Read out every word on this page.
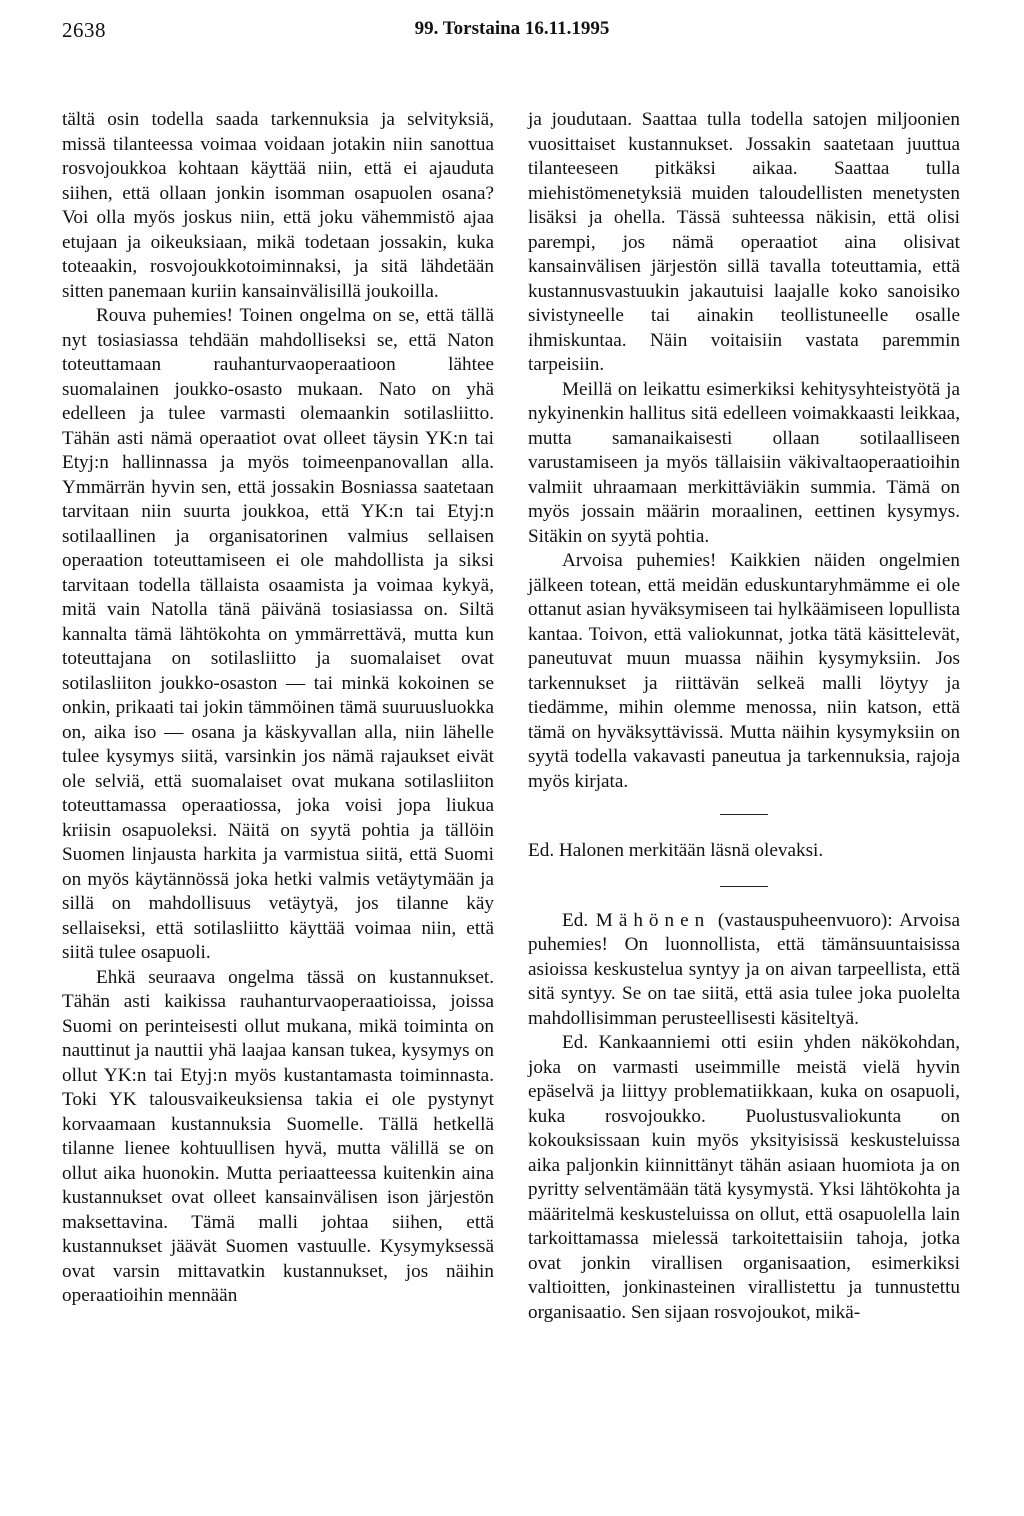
2638	99. Torstaina 16.11.1995

tältä osin todella saada tarkennuksia ja selvityksiä, missä tilanteessa voimaa voidaan jotakin niin sanottua rosvojoukkoa kohtaan käyttää niin, että ei ajauduta siihen, että ollaan jonkin isomman osapuolen osana? Voi olla myös joskus niin, että joku vähemmistö ajaa etujaan ja oikeuksiaan, mikä todetaan jossakin, kuka toteaakin, rosvojoukkotoiminnaksi, ja sitä lähdetään sitten panemaan kuriin kansainvälisillä joukoilla.

Rouva puhemies! Toinen ongelma on se, että tällä nyt tosiasiassa tehdään mahdolliseksi se, että Naton toteuttamaan rauhanturvaoperaatioon lähtee suomalainen joukko-osasto mukaan. Nato on yhä edelleen ja tulee varmasti olemaankin sotilasliitto. Tähän asti nämä operaatiot ovat olleet täysin YK:n tai Etyj:n hallinnassa ja myös toimeenpanovallan alla. Ymmärrän hyvin sen, että jossakin Bosniassa saatetaan tarvitaan niin suurta joukkoa, että YK:n tai Etyj:n sotilaallinen ja organisatorinen valmius sellaisen operaation toteuttamiseen ei ole mahdollista ja siksi tarvitaan todella tällaista osaamista ja voimaa kykyä, mitä vain Natolla tänä päivänä tosiasiassa on. Siltä kannalta tämä lähtökohta on ymmärrettävä, mutta kun toteuttajana on sotilasliitto ja suomalaiset ovat sotilasliiton joukko-osaston — tai minkä kokoinen se onkin, prikaati tai jokin tämmöinen tämä suuruusluokka on, aika iso — osana ja käskyvallan alla, niin lähelle tulee kysymys siitä, varsinkin jos nämä rajaukset eivät ole selviä, että suomalaiset ovat mukana sotilasliiton toteuttamassa operaatiossa, joka voisi jopa liukua kriisin osapuoleksi. Näitä on syytä pohtia ja tällöin Suomen linjausta harkita ja varmistua siitä, että Suomi on myös käytännössä joka hetki valmis vetäytymään ja sillä on mahdollisuus vetäytyä, jos tilanne käy sellaiseksi, että sotilasliitto käyttää voimaa niin, että siitä tulee osapuoli.

Ehkä seuraava ongelma tässä on kustannukset. Tähän asti kaikissa rauhanturvaoperaatioissa, joissa Suomi on perinteisesti ollut mukana, mikä toiminta on nauttinut ja nauttii yhä laajaa kansan tukea, kysymys on ollut YK:n tai Etyj:n myös kustantamasta toiminnasta. Toki YK talousvaikeuksiensa takia ei ole pystynyt korvaamaan kustannuksia Suomelle. Tällä hetkellä tilanne lienee kohtuullisen hyvä, mutta välillä se on ollut aika huonokin. Mutta periaatteessa kuitenkin aina kustannukset ovat olleet kansainvälisen ison järjestön maksettavina. Tämä malli johtaa siihen, että kustannukset jäävät Suomen vastuulle. Kysymyksessä ovat varsin mittavatkin kustannukset, jos näihin operaatioihin mennään

ja joudutaan. Saattaa tulla todella satojen miljoonien vuosittaiset kustannukset. Jossakin saatetaan juuttua tilanteeseen pitkäksi aikaa. Saattaa tulla miehistömenetyksiä muiden taloudellisten menetysten lisäksi ja ohella. Tässä suhteessa näkisin, että olisi parempi, jos nämä operaatiot aina olisivat kansainvälisen järjestön sillä tavalla toteuttamia, että kustannusvastuukin jakautuisi laajalle koko sanoisiko sivistyneelle tai ainakin teollistuneelle osalle ihmiskuntaa. Näin voitaisiin vastata paremmin tarpeisiin.

Meillä on leikattu esimerkiksi kehitysyhteistyötä ja nykyinenkin hallitus sitä edelleen voimakkaasti leikkaa, mutta samanaikaisesti ollaan sotilaalliseen varustamiseen ja myös tällaisiin väkivaltaoperaatioihin valmiit uhraamaan merkittäviäkin summia. Tämä on myös jossain määrin moraalinen, eettinen kysymys. Sitäkin on syytä pohtia.

Arvoisa puhemies! Kaikkien näiden ongelmien jälkeen totean, että meidän eduskuntaryhmämme ei ole ottanut asian hyväksymiseen tai hylkäämiseen lopullista kantaa. Toivon, että valiokunnat, jotka tätä käsittelevät, paneutuvat muun muassa näihin kysymyksiin. Jos tarkennukset ja riittävän selkeä malli löytyy ja tiedämme, mihin olemme menossa, niin katson, että tämä on hyväksyttävissä. Mutta näihin kysymyksiin on syytä todella vakavasti paneutua ja tarkennuksia, rajoja myös kirjata.

Ed. Halonen merkitään läsnä olevaksi.

Ed. Mähönen (vastauspuheenvuoro): Arvoisa puhemies! On luonnollista, että tämänsuuntaisissa asioissa keskustelua syntyy ja on aivan tarpeellista, että sitä syntyy. Se on tae siitä, että asia tulee joka puolelta mahdollisimman perusteellisesti käsiteltyä.

Ed. Kankaanniemi otti esiin yhden näkökohdan, joka on varmasti useimmille meistä vielä hyvin epäselvä ja liittyy problematiikkaan, kuka on osapuoli, kuka rosvojoukko. Puolustusvaliokunta on kokouksissaan kuin myös yksityisissä keskusteluissa aika paljonkin kiinnittänyt tähän asiaan huomiota ja on pyritty selventämään tätä kysymystä. Yksi lähtökohta ja määritelmä keskusteluissa on ollut, että osapuolella lain tarkoittamassa mielessä tarkoitettaisiin tahoja, jotka ovat jonkin virallisen organisaation, esimerkiksi valtioitten, jonkinasteinen virallistettu ja tunnustettu organisaatio. Sen sijaan rosvojoukot, mikä-
